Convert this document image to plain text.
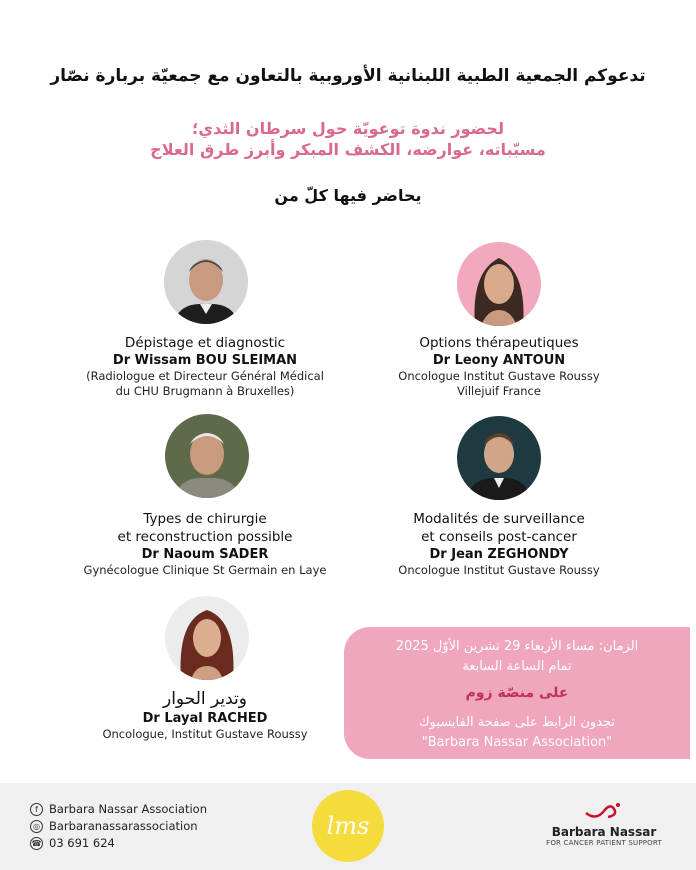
تدعوكم الجمعية الطبية اللبنانية الأوروبية بالتعاون مع جمعيّة بربارة نصّار
لحضور ندوة توعويّة حول سرطان الثدي؛
مسبّباته، عوارضه، الكشف المبكر وأبرز طرق العلاج
يحاضر فيها كلّ من
Dépistage et diagnostic
Dr Wissam BOU SLEIMAN
(Radiologue et Directeur Général Médical
du CHU Brugmann à Bruxelles)
Options thérapeutiques
Dr Leony ANTOUN
Oncologue Institut Gustave Roussy
Villejuif France
Types de chirurgie
et reconstruction possible
Dr Naoum SADER
Gynécologue Clinique St Germain en Laye
Modalités de surveillance
et conseils post-cancer
Dr Jean ZEGHONDY
Oncologue Institut Gustave Roussy
وتدير الحوار
Dr Layal RACHED
Oncologue, Institut Gustave Roussy
الزمان: مساء الأربعاء 29 تشرين الأوّل 2025
تمام الساعة السابعة
على منصّة زوم
تجدون الرابط على صفحة الفايسبوك
"Barbara Nassar Association"
f Barbara Nassar Association
◎ Barbaranassarassociation
☎ 03 691 624
lms	Barbara Nassar
FOR CANCER PATIENT SUPPORT
